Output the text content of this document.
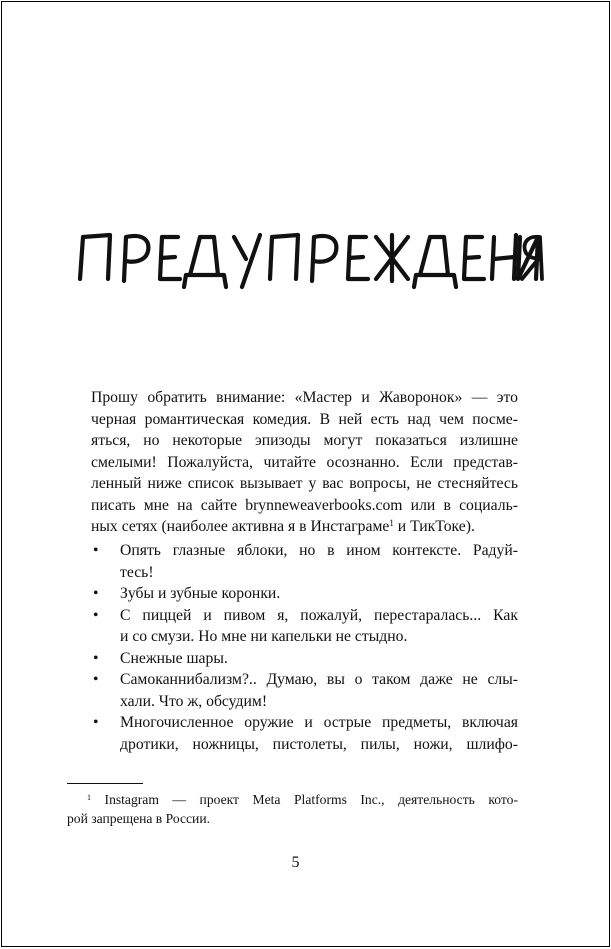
Прошу обратить внимание: «Мастер и Жаворонок» — это
черная романтическая комедия. В ней есть над чем посме-
яться, но некоторые эпизоды могут показаться излишне
смелыми! Пожалуйста, читайте осознанно. Если представ-
ленный ниже список вызывает у вас вопросы, не стесняйтесь
писать мне на сайте brynneweaverbooks.com или в социаль-
ных сетях (наиболее активна я в Инстаграме$^1$ и ТикТоке).

• Опять глазные яблоки, но в ином контексте. Радуй-
тесь!
• Зубы и зубные коронки.
• С пиццей и пивом я, пожалуй, перестаралась... Как
и со смузи. Но мне ни капельки не стыдно.
• Снежные шары.
• Самоканнибализм?.. Думаю, вы о таком даже не слы-
хали. Что ж, обсудим!
• Многочисленное оружие и острые предметы, включая
дротики, ножницы, пистолеты, пилы, ножи, шлифо-

$^1$ Instagram — проект Meta Platforms Inc., деятельность кото-
рой запрещена в России.

5
